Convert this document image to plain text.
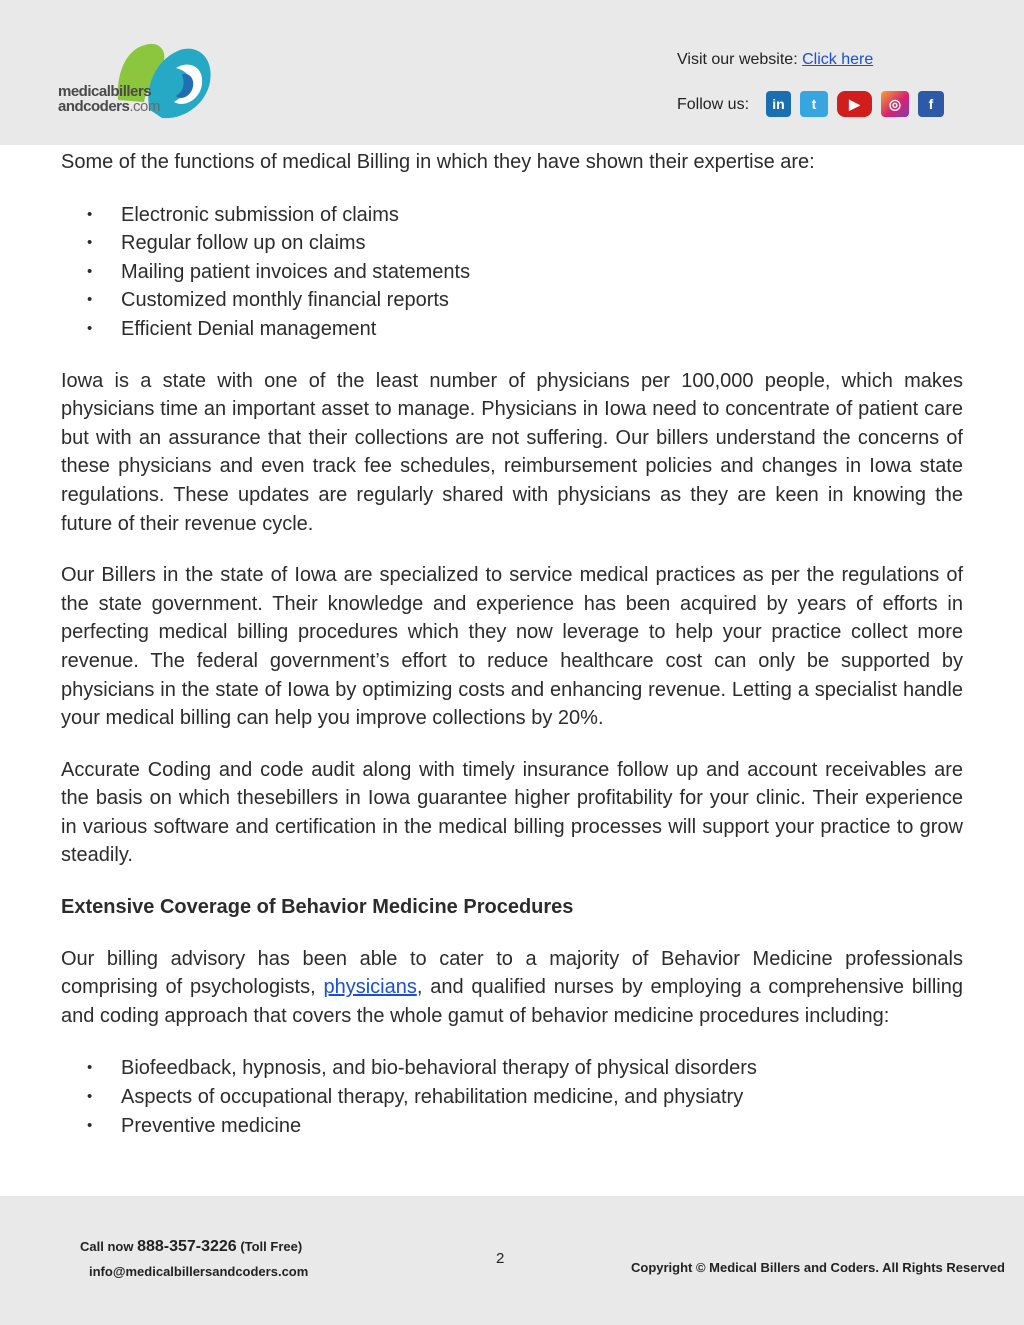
medicalbillers
andcoders.com
Visit our website: Click here
Follow us:	in	t	▶	◎	f

Some of the functions of medical Billing in which they have shown their expertise are:

• Electronic submission of claims
• Regular follow up on claims
• Mailing patient invoices and statements
• Customized monthly financial reports
• Efficient Denial management

Iowa is a state with one of the least number of physicians per 100,000 people, which makes physicians time an important asset to manage. Physicians in Iowa need to concentrate of patient care but with an assurance that their collections are not suffering. Our billers understand the concerns of these physicians and even track fee schedules, reimbursement policies and changes in Iowa state regulations. These updates are regularly shared with physicians as they are keen in knowing the future of their revenue cycle.

Our Billers in the state of Iowa are specialized to service medical practices as per the regulations of the state government. Their knowledge and experience has been acquired by years of efforts in perfecting medical billing procedures which they now leverage to help your practice collect more revenue. The federal government’s effort to reduce healthcare cost can only be supported by physicians in the state of Iowa by optimizing costs and enhancing revenue. Letting a specialist handle your medical billing can help you improve collections by 20%.

Accurate Coding and code audit along with timely insurance follow up and account receivables are the basis on which thesebillers in Iowa guarantee higher profitability for your clinic. Their experience in various software and certification in the medical billing processes will support your practice to grow steadily.

Extensive Coverage of Behavior Medicine Procedures

Our billing advisory has been able to cater to a majority of Behavior Medicine professionals comprising of psychologists, physicians, and qualified nurses by employing a comprehensive billing and coding approach that covers the whole gamut of behavior medicine procedures including:

• Biofeedback, hypnosis, and bio-behavioral therapy of physical disorders
• Aspects of occupational therapy, rehabilitation medicine, and physiatry
• Preventive medicine
Call now 888-357-3226 (Toll Free)
info@medicalbillersandcoders.com
2
Copyright © Medical Billers and Coders. All Rights Reserved
